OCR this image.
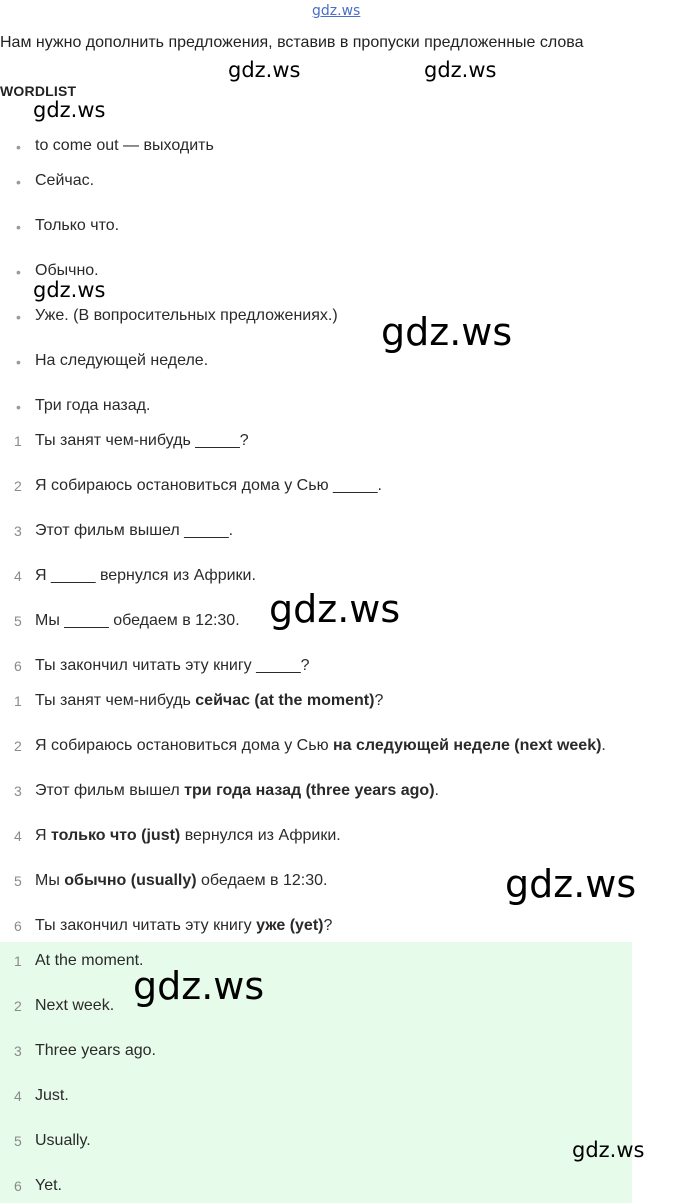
gdz.ws
Нам нужно дополнить предложения, вставив в пропуски предложенные слова
WORDLIST
• to come out — выходить
• Сейчас.
• Только что.
• Обычно.
• Уже. (В вопросительных предложениях.)
• На следующей неделе.
• Три года назад.
1 Ты занят чем-нибудь _____?
2 Я собираюсь остановиться дома у Сью _____.
3 Этот фильм вышел _____.
4 Я _____ вернулся из Африки.
5 Мы _____ обедаем в 12:30.
6 Ты закончил читать эту книгу _____?
1 Ты занят чем-нибудь сейчас (at the moment)?
2 Я собираюсь остановиться дома у Сью на следующей неделе (next week).
3 Этот фильм вышел три года назад (three years ago).
4 Я только что (just) вернулся из Африки.
5 Мы обычно (usually) обедаем в 12:30.
6 Ты закончил читать эту книгу уже (yet)?
1 At the moment.
2 Next week.
3 Three years ago.
4 Just.
5 Usually.
6 Yet.
gdz.ws	gdz.ws
gdz.ws
gdz.ws
gdz.ws
gdz.ws
gdz.ws
gdz.ws
gdz.ws
